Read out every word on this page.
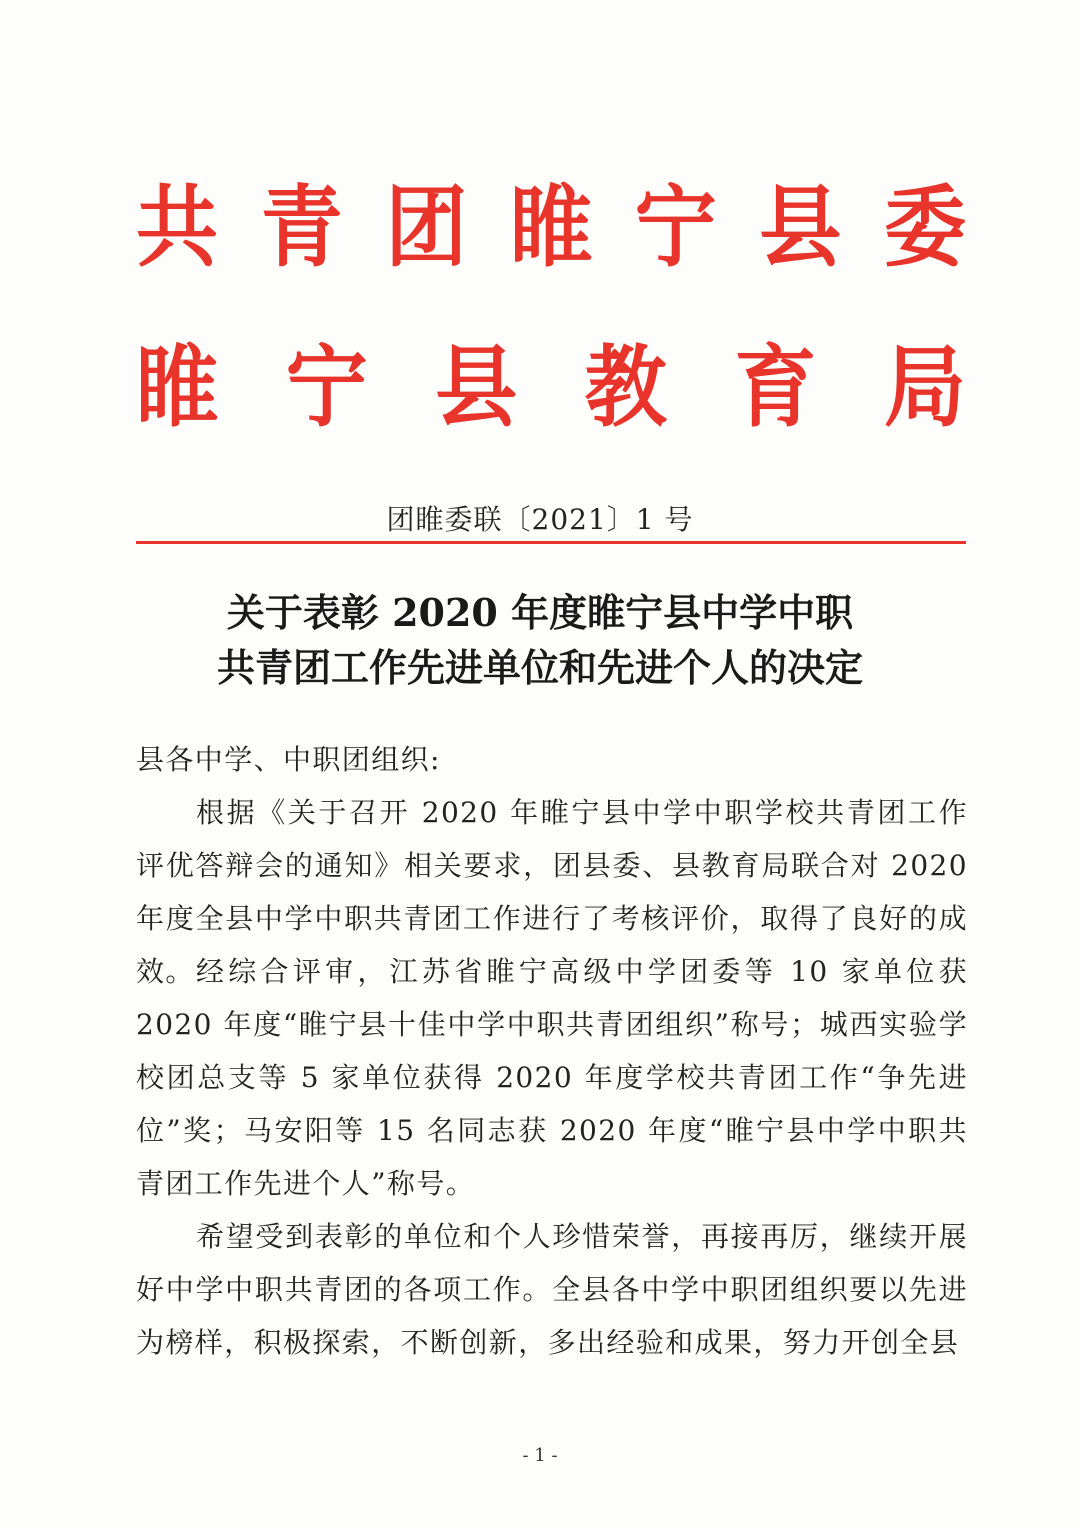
共 青 团 睢 宁 县 委
睢 宁 县 教 育 局
团睢委联〔2021〕1 号
关于表彰 2020 年度睢宁县中学中职
共青团工作先进单位和先进个人的决定
县各中学、中职团组织:
根据《关于召开 2020 年睢宁县中学中职学校共青团工作评优答辩会的通知》相关要求，团县委、县教育局联合对 2020 年度全县中学中职共青团工作进行了考核评价，取得了良好的成效。 经综合评审，江苏省睢宁高级中学团委等 10 家单位获 2020 年度“睢宁县十佳中学中职共青团组织”称号；城西实验学校团总支等 5 家单位获得 2020 年度学校共青团工作“争先进位”奖；马安阳等 15 名同志获 2020 年度“睢宁县中学中职共青团工作先进个人”称号。
希望受到表彰的单位和个人珍惜荣誉，再接再厉，继续开展好中学中职共青团的各项工作。全县各中学中职团组织要以先进为榜样，积极探索，不断创新，多出经验和成果，努力开创全县
- 1 -
